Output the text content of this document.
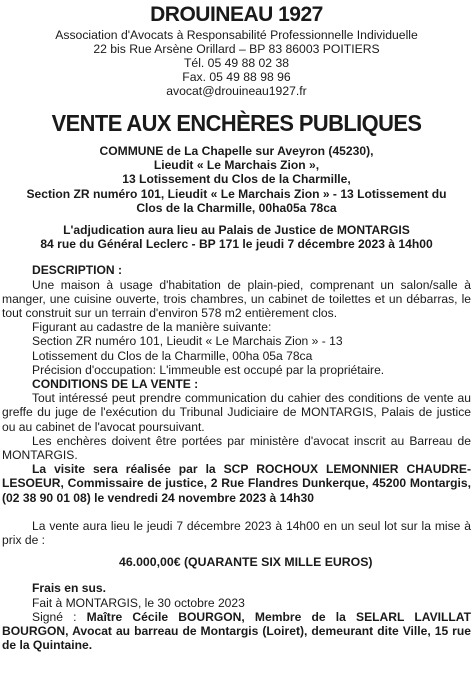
DROUINEAU 1927

Association d'Avocats à Responsabilité Professionnelle Individuelle

22 bis Rue Arsène Orillard – BP 83 86003 POITIERS

Tél. 05 49 88 02 38

Fax. 05 49 88 98 96

avocat@drouineau1927.fr

VENTE AUX ENCHÈRES PUBLIQUES

COMMUNE de La Chapelle sur Aveyron (45230),

Lieudit « Le Marchais Zion »,

13 Lotissement du Clos de la Charmille,

Section ZR numéro 101, Lieudit « Le Marchais Zion » - 13 Lotissement du

Clos de la Charmille, 00ha05a 78ca

L'adjudication aura lieu au Palais de Justice de MONTARGIS

84 rue du Général Leclerc - BP 171 le jeudi 7 décembre 2023 à 14h00

DESCRIPTION :

Une maison à usage d'habitation de plain-pied, comprenant un salon/salle à manger, une cuisine ouverte, trois chambres, un cabinet de toilettes et un débarras, le tout construit sur un terrain d'environ 578 m2 entièrement clos.

Figurant au cadastre de la manière suivante:

Section ZR numéro 101, Lieudit « Le Marchais Zion » - 13

Lotissement du Clos de la Charmille, 00ha 05a 78ca

Précision d'occupation: L'immeuble est occupé par la propriétaire.

CONDITIONS DE LA VENTE :

Tout intéressé peut prendre communication du cahier des conditions de vente au greffe du juge de l'exécution du Tribunal Judiciaire de MONTARGIS, Palais de justice ou au cabinet de l'avocat poursuivant.

Les enchères doivent être portées par ministère d'avocat inscrit au Barreau de MONTARGIS.

La visite sera réalisée par la SCP ROCHOUX LEMONNIER CHAUDRE-LESOEUR, Commissaire de justice, 2 Rue Flandres Dunkerque, 45200 Montargis, (02 38 90 01 08) le vendredi 24 novembre 2023 à 14h30

La vente aura lieu le jeudi 7 décembre 2023 à 14h00 en un seul lot sur la mise à prix de :

46.000,00€ (QUARANTE SIX MILLE EUROS)

Frais en sus.

Fait à MONTARGIS, le 30 octobre 2023

Signé : Maître Cécile BOURGON, Membre de la SELARL LAVILLAT BOURGON, Avocat au barreau de Montargis (Loiret), demeurant dite Ville, 15 rue de la Quintaine.
